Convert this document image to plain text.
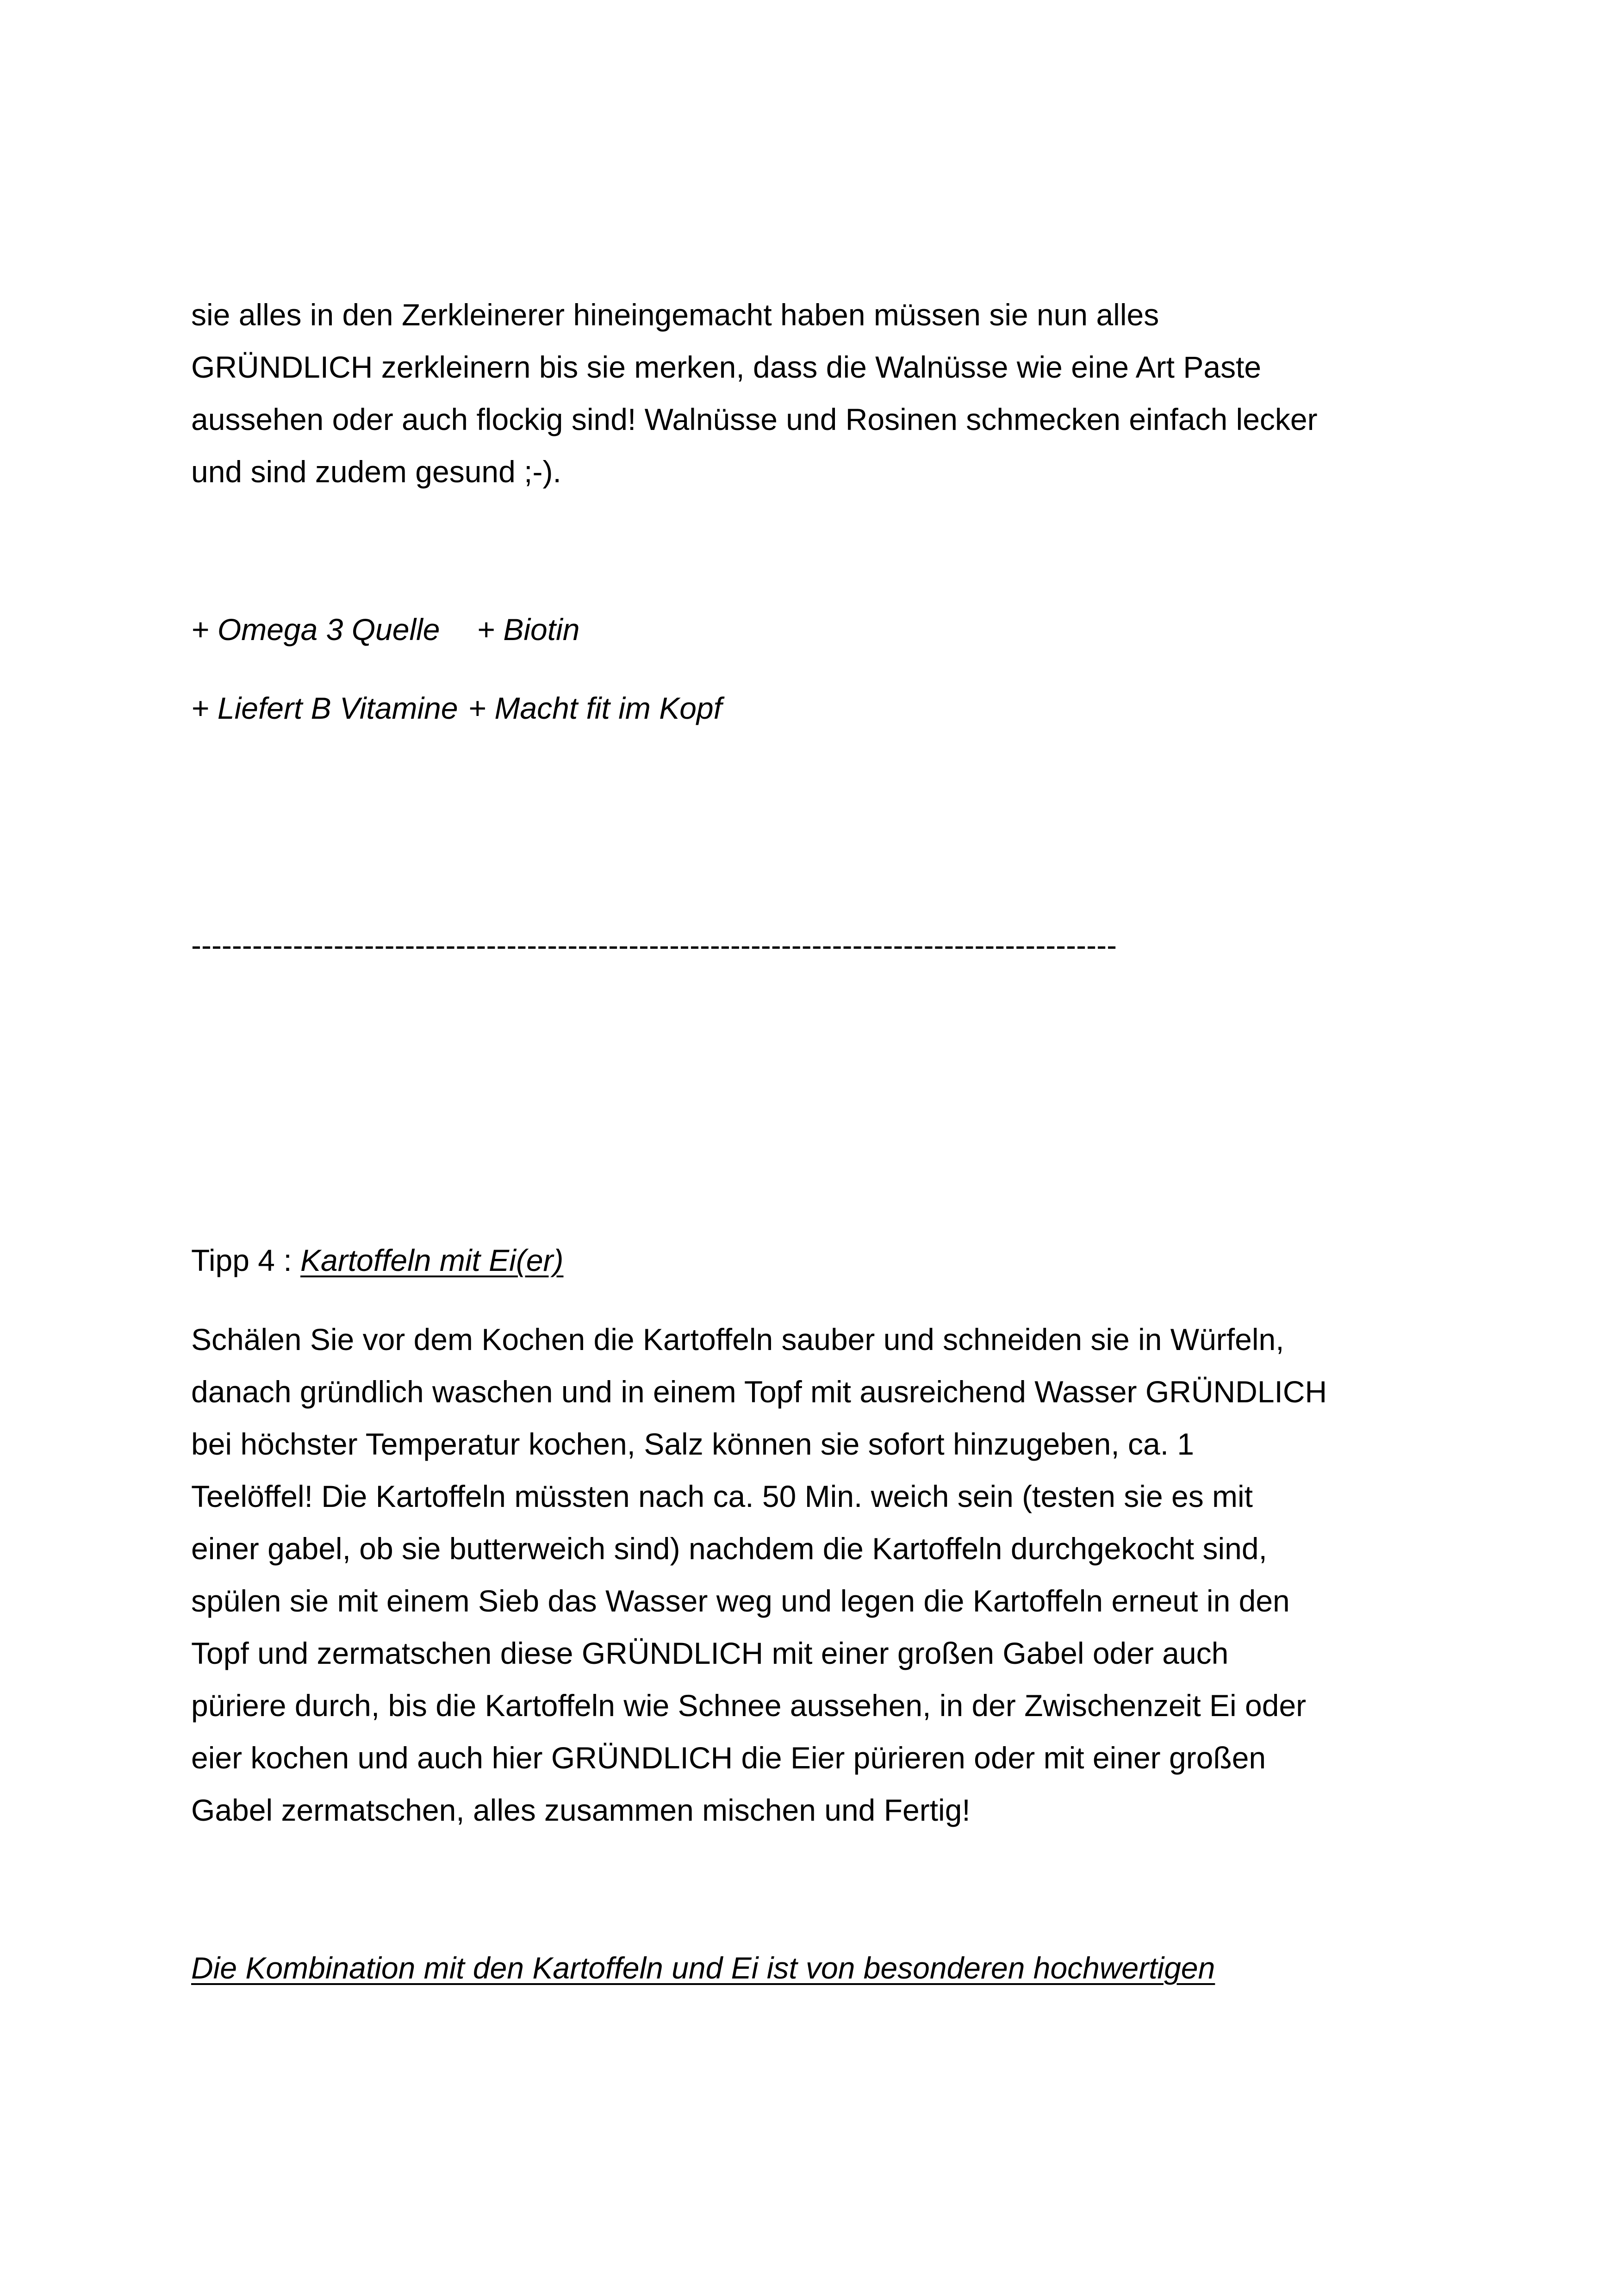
sie alles in den Zerkleinerer hineingemacht haben müssen sie nun alles

GRÜNDLICH zerkleinern bis sie merken, dass die Walnüsse wie eine Art Paste

aussehen oder auch flockig sind! Walnüsse und Rosinen schmecken einfach lecker

und sind zudem gesund ;-).

+ Omega 3 Quelle + Biotin

+ Liefert B Vitamine + Macht fit im Kopf

-------------------------------------------------------------------------------------------

Tipp 4 : Kartoffeln mit Ei(er)

Schälen Sie vor dem Kochen die Kartoffeln sauber und schneiden sie in Würfeln,

danach gründlich waschen und in einem Topf mit ausreichend Wasser GRÜNDLICH

bei höchster Temperatur kochen, Salz können sie sofort hinzugeben, ca. 1

Teelöffel! Die Kartoffeln müssten nach ca. 50 Min. weich sein (testen sie es mit

einer gabel, ob sie butterweich sind) nachdem die Kartoffeln durchgekocht sind,

spülen sie mit einem Sieb das Wasser weg und legen die Kartoffeln erneut in den

Topf und zermatschen diese GRÜNDLICH mit einer großen Gabel oder auch

püriere durch, bis die Kartoffeln wie Schnee aussehen, in der Zwischenzeit Ei oder

eier kochen und auch hier GRÜNDLICH die Eier pürieren oder mit einer großen

Gabel zermatschen, alles zusammen mischen und Fertig!

Die Kombination mit den Kartoffeln und Ei ist von besonderen hochwertigen
